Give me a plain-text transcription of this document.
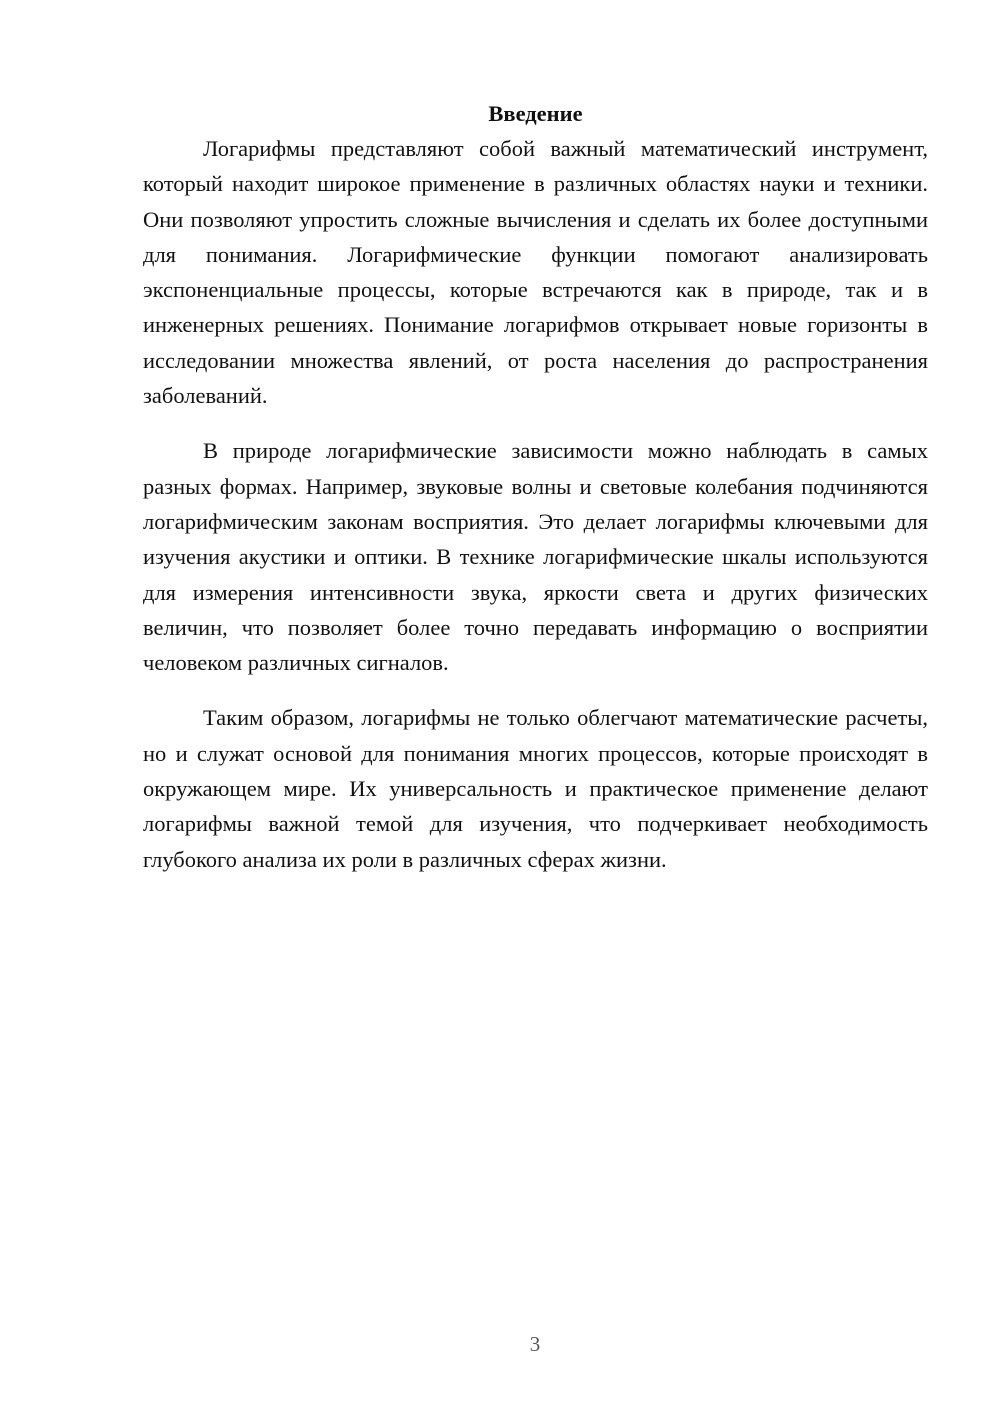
Введение

Логарифмы представляют собой важный математический инструмент, который находит широкое применение в различных областях науки и техники. Они позволяют упростить сложные вычисления и сделать их более доступными для понимания. Логарифмические функции помогают анализировать экспоненциальные процессы, которые встречаются как в природе, так и в инженерных решениях. Понимание логарифмов открывает новые горизонты в исследовании множества явлений, от роста населения до распространения заболеваний.

В природе логарифмические зависимости можно наблюдать в самых разных формах. Например, звуковые волны и световые колебания подчиняются логарифмическим законам восприятия. Это делает логарифмы ключевыми для изучения акустики и оптики. В технике логарифмические шкалы используются для измерения интенсивности звука, яркости света и других физических величин, что позволяет более точно передавать информацию о восприятии человеком различных сигналов.

Таким образом, логарифмы не только облегчают математические расчеты, но и служат основой для понимания многих процессов, которые происходят в окружающем мире. Их универсальность и практическое применение делают логарифмы важной темой для изучения, что подчеркивает необходимость глубокого анализа их роли в различных сферах жизни.

3
